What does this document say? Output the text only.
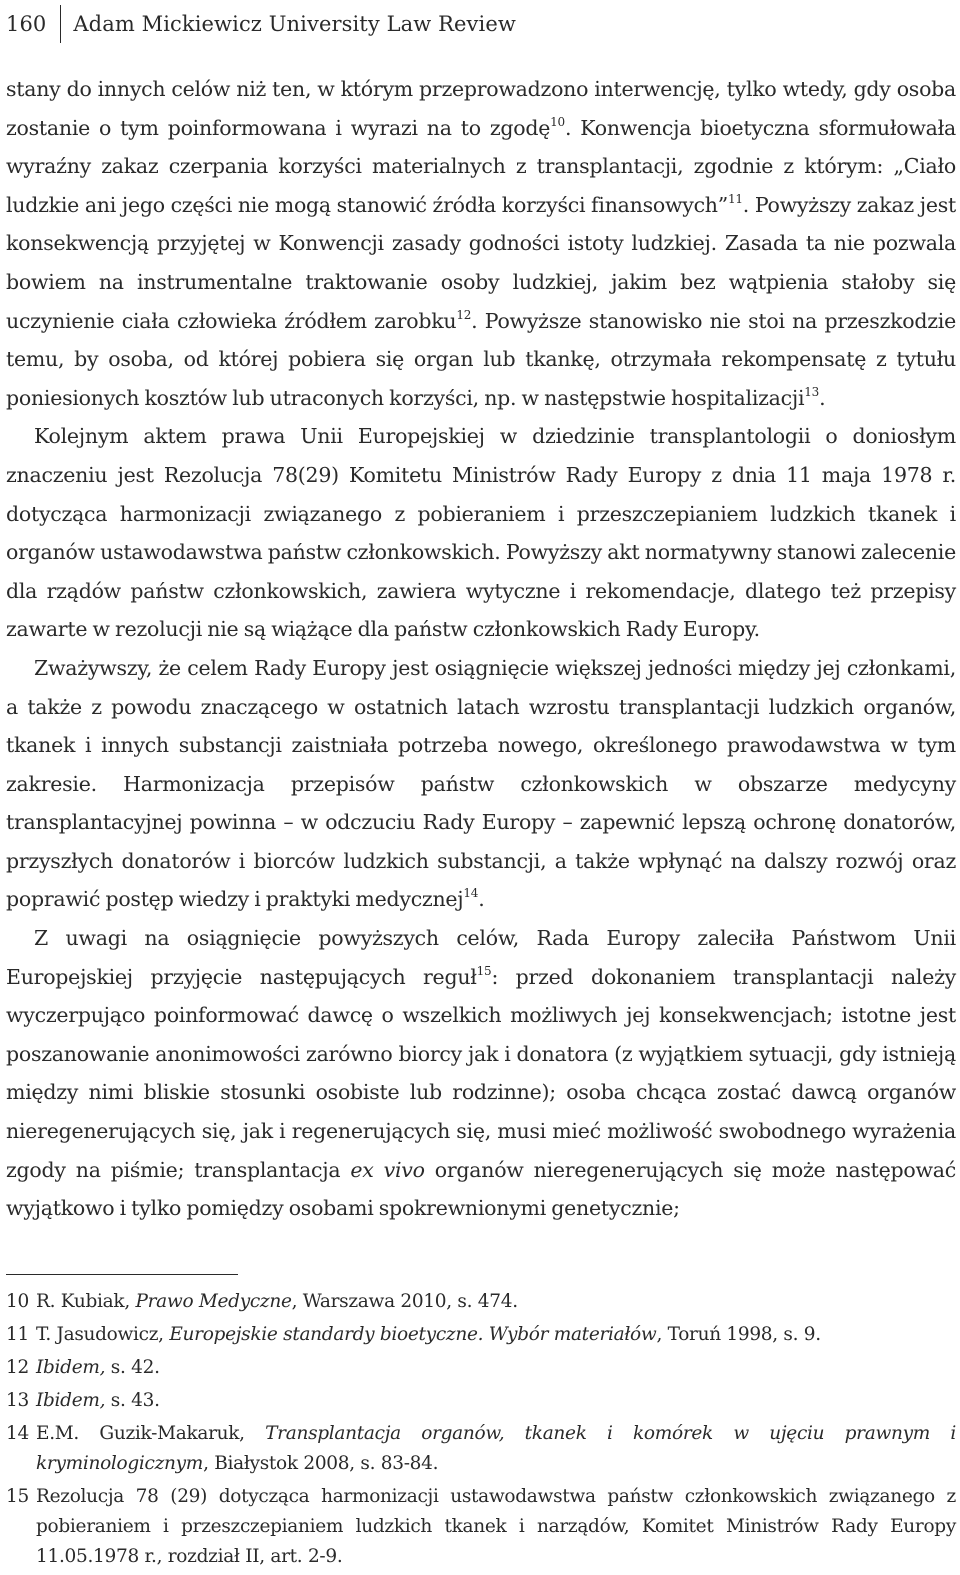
160	Adam Mickiewicz University Law Review

stany do innych celów niż ten, w którym przeprowadzono interwencję, tylko wtedy, gdy osoba zostanie o tym poinformowana i wyrazi na to zgodę$^{10}$. Konwencja bioetyczna sformułowała wyraźny zakaz czerpania korzyści materialnych z transplantacji, zgodnie z którym: „Ciało ludzkie ani jego części nie mogą stanowić źródła korzyści finansowych”$^{11}$. Powyższy zakaz jest konsekwencją przyjętej w Konwencji zasady godności istoty ludzkiej. Zasada ta nie pozwala bowiem na instrumentalne traktowanie osoby ludzkiej, jakim bez wątpienia stałoby się uczynienie ciała człowieka źródłem zarobku$^{12}$. Powyższe stanowisko nie stoi na przeszkodzie temu, by osoba, od której pobiera się organ lub tkankę, otrzymała rekompensatę z tytułu poniesionych kosztów lub utraconych korzyści, np. w następstwie hospitalizacji$^{13}$.

Kolejnym aktem prawa Unii Europejskiej w dziedzinie transplantologii o doniosłym znaczeniu jest Rezolucja 78(29) Komitetu Ministrów Rady Europy z dnia 11 maja 1978 r. dotycząca harmonizacji związanego z pobieraniem i przeszczepianiem ludzkich tkanek i organów ustawodawstwa państw członkowskich. Powyższy akt normatywny stanowi zalecenie dla rządów państw członkowskich, zawiera wytyczne i rekomendacje, dlatego też przepisy zawarte w rezolucji nie są wiążące dla państw członkowskich Rady Europy.

Zważywszy, że celem Rady Europy jest osiągnięcie większej jedności między jej członkami, a także z powodu znaczącego w ostatnich latach wzrostu transplantacji ludzkich organów, tkanek i innych substancji zaistniała potrzeba nowego, określonego prawodawstwa w tym zakresie. Harmonizacja przepisów państw członkowskich w obszarze medycyny transplantacyjnej powinna – w odczuciu Rady Europy – zapewnić lepszą ochronę donatorów, przyszłych donatorów i biorców ludzkich substancji, a także wpłynąć na dalszy rozwój oraz poprawić postęp wiedzy i praktyki medycznej$^{14}$.

Z uwagi na osiągnięcie powyższych celów, Rada Europy zaleciła Państwom Unii Europejskiej przyjęcie następujących reguł$^{15}$: przed dokonaniem transplantacji należy wyczerpująco poinformować dawcę o wszelkich możliwych jej konsekwencjach; istotne jest poszanowanie anonimowości zarówno biorcy jak i donatora (z wyjątkiem sytuacji, gdy istnieją między nimi bliskie stosunki osobiste lub rodzinne); osoba chcąca zostać dawcą organów nieregenerujących się, jak i regenerujących się, musi mieć możliwość swobodnego wyrażenia zgody na piśmie; transplantacja ex vivo organów nieregenerujących się może następować wyjątkowo i tylko pomiędzy osobami spokrewnionymi genetycznie;

10 R. Kubiak, Prawo Medyczne, Warszawa 2010, s. 474.
11 T. Jasudowicz, Europejskie standardy bioetyczne. Wybór materiałów, Toruń 1998, s. 9.
12 Ibidem, s. 42.
13 Ibidem, s. 43.
14 E.M. Guzik-Makaruk, Transplantacja organów, tkanek i komórek w ujęciu prawnym i kryminologicznym, Białystok 2008, s. 83-84.
15 Rezolucja 78 (29) dotycząca harmonizacji ustawodawstwa państw członkowskich związanego z pobieraniem i przeszczepianiem ludzkich tkanek i narządów, Komitet Ministrów Rady Europy 11.05.1978 r., rozdział II, art. 2-9.
